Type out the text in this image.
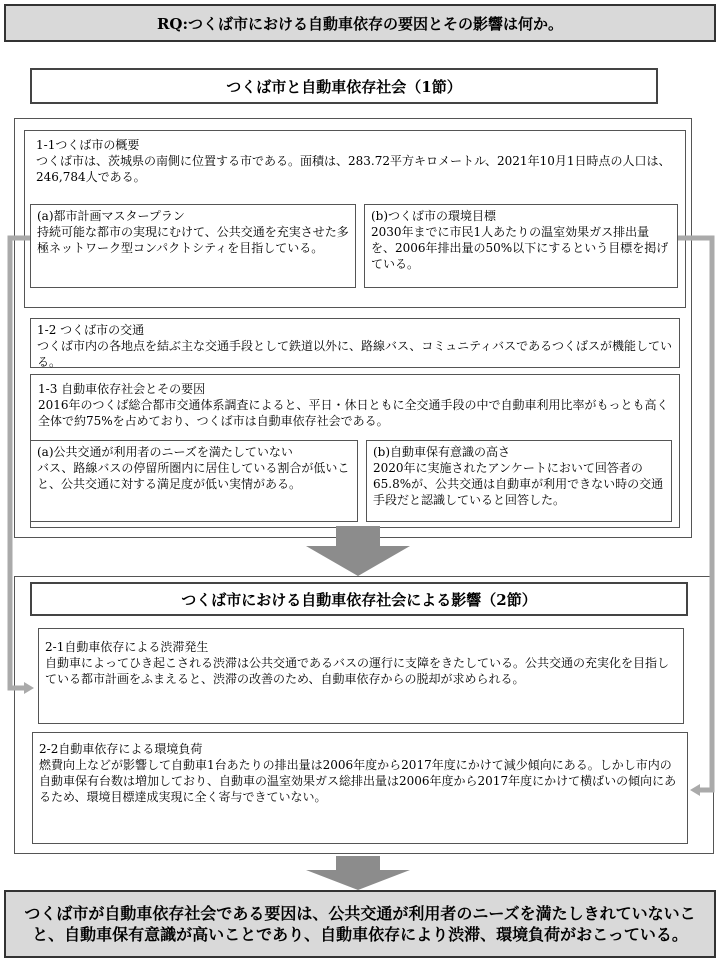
RQ:つくば市における自動車依存の要因とその影響は何か。
つくば市と自動車依存社会（1節）
1-1つくば市の概要
つくば市は、茨城県の南側に位置する市である。面積は、283.72平方キロメートル、2021年10月1日時点の人口は、246,784人である。
(a)都市計画マスタープラン
持続可能な都市の実現にむけて、公共交通を充実させた多極ネットワーク型コンパクトシティを目指している。
(b)つくば市の環境目標
2030年までに市民1人あたりの温室効果ガス排出量を、2006年排出量の50%以下にするという目標を掲げている。
1-2 つくば市の交通
つくば市内の各地点を結ぶ主な交通手段として鉄道以外に、路線バス、コミュニティバスであるつくばスが機能している。
1-3 自動車依存社会とその要因
2016年のつくば総合都市交通体系調査によると、平日・休日ともに全交通手段の中で自動車利用比率がもっとも高く全体で約75%を占めており、つくば市は自動車依存社会である。
(a)公共交通が利用者のニーズを満たしていない
バス、路線バスの停留所圏内に居住している割合が低いこと、公共交通に対する満足度が低い実情がある。
(b)自動車保有意識の高さ
2020年に実施されたアンケートにおいて回答者の65.8%が、公共交通は自動車が利用できない時の交通手段だと認識していると回答した。
つくば市における自動車依存社会による影響（2節）
2-1自動車依存による渋滞発生
自動車によってひき起こされる渋滞は公共交通であるバスの運行に支障をきたしている。公共交通の充実化を目指している都市計画をふまえると、渋滞の改善のため、自動車依存からの脱却が求められる。
2-2自動車依存による環境負荷
燃費向上などが影響して自動車1台あたりの排出量は2006年度から2017年度にかけて減少傾向にある。しかし市内の自動車保有台数は増加しており、自動車の温室効果ガス総排出量は2006年度から2017年度にかけて横ばいの傾向にあるため、環境目標達成実現に全く寄与できていない。
つくば市が自動車依存社会である要因は、公共交通が利用者のニーズを満たしきれていないこと、自動車保有意識が高いことであり、自動車依存により渋滞、環境負荷がおこっている。
